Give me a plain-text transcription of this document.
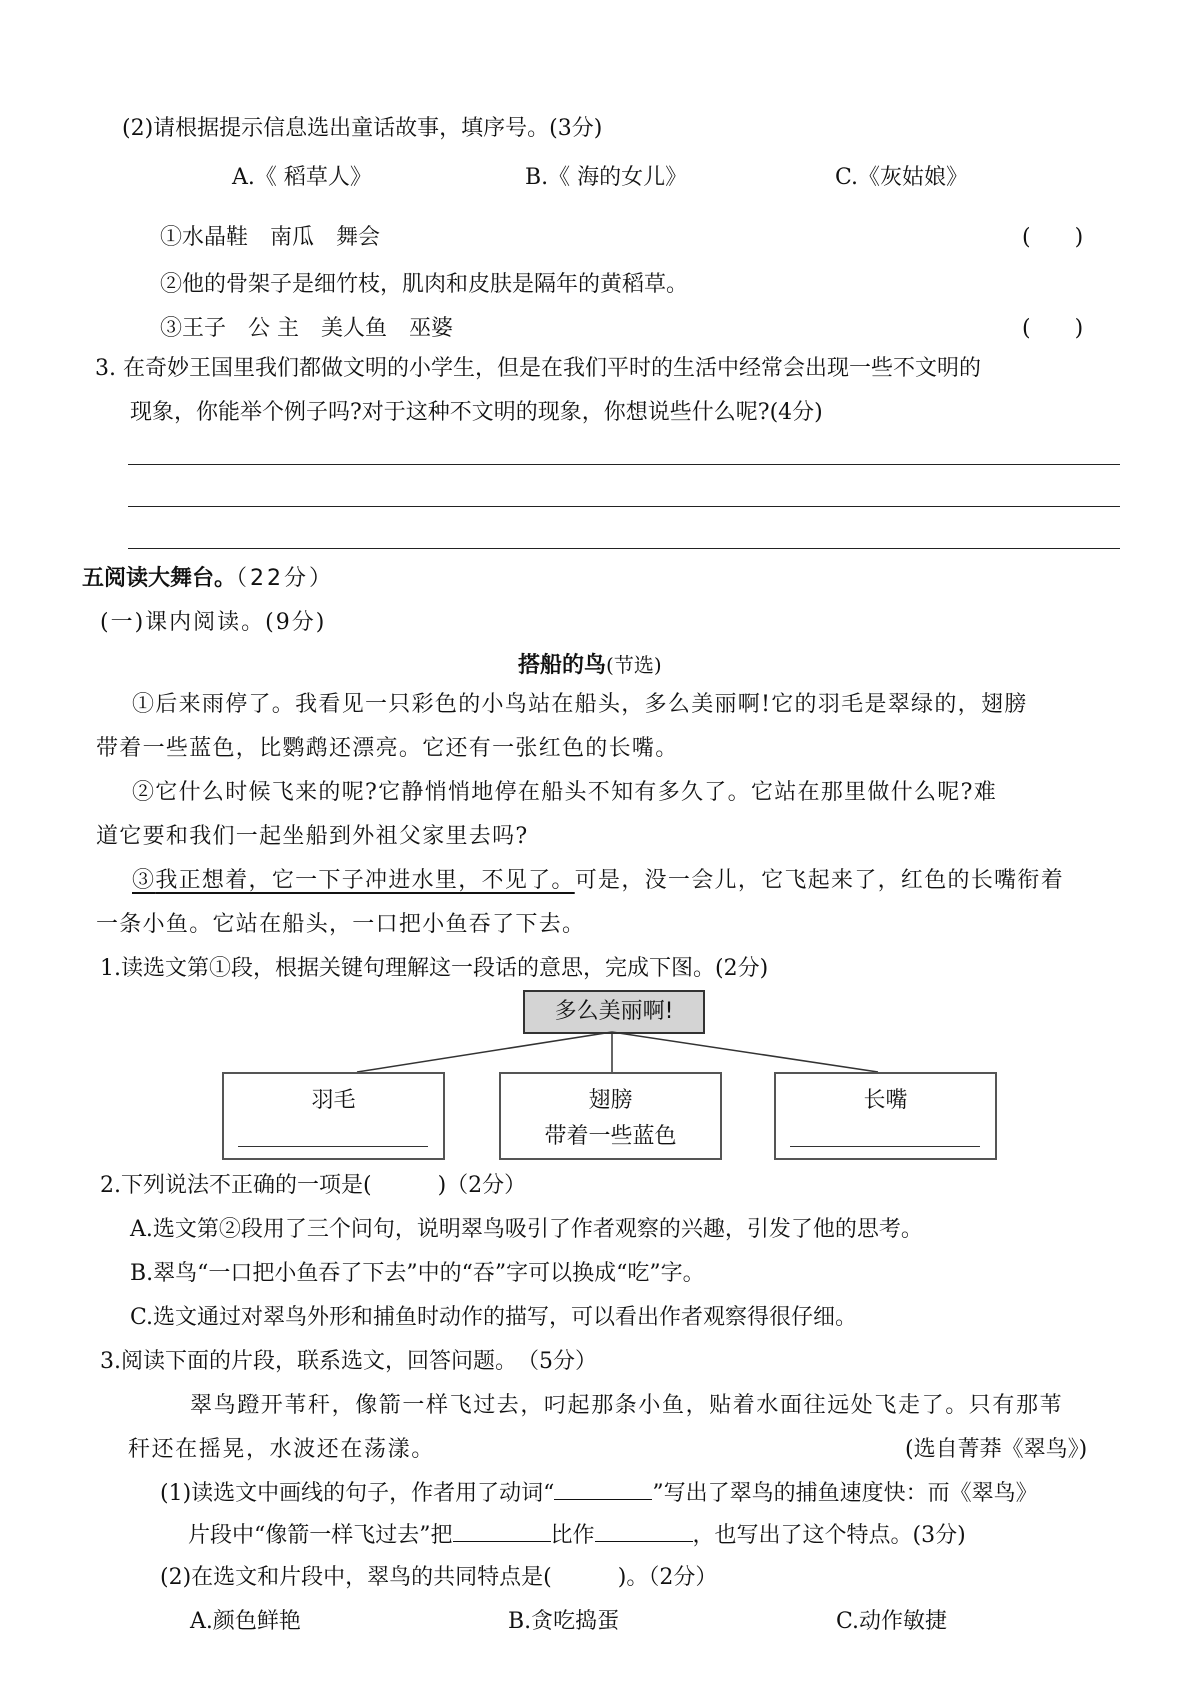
(2)请根据提示信息选出童话故事，填序号。(3分)
A.《 稻草人》	B.《 海的女儿》	C.《灰姑娘》
①水晶鞋　南瓜　舞会	(　　)
②他的骨架子是细竹枝，肌肉和皮肤是隔年的黄稻草。
③王子　公 主　美人鱼　巫婆	(　　)
3. 在奇妙王国里我们都做文明的小学生，但是在我们平时的生活中经常会出现一些不文明的
现象，你能举个例子吗?对于这种不文明的现象，你想说些什么呢?(4分)
五阅读大舞台。（22分）
(一)课内阅读。(9分)
搭船的鸟(节选)
①后来雨停了。我看见一只彩色的小鸟站在船头，多么美丽啊!它的羽毛是翠绿的，翅膀
带着一些蓝色，比鹦鹉还漂亮。它还有一张红色的长嘴。
②它什么时候飞来的呢?它静悄悄地停在船头不知有多久了。它站在那里做什么呢?难
道它要和我们一起坐船到外祖父家里去吗?
③我正想着，它一下子冲进水里，不见了。可是，没一会儿，它飞起来了，红色的长嘴衔着
一条小鱼。它站在船头，一口把小鱼吞了下去。
1.读选文第①段，根据关键句理解这一段话的意思，完成下图。(2分)
多么美丽啊!
羽毛	翅膀
带着一些蓝色
长嘴
2.下列说法不正确的一项是(　　　)（2分）
A.选文第②段用了三个问句，说明翠鸟吸引了作者观察的兴趣，引发了他的思考。
B.翠鸟“一口把小鱼吞了下去”中的“吞”字可以换成“吃”字。
C.选文通过对翠鸟外形和捕鱼时动作的描写，可以看出作者观察得很仔细。
3.阅读下面的片段，联系选文，回答问题。　（5分）
翠鸟蹬开苇秆，像箭一样飞过去，叼起那条小鱼，贴着水面往远处飞走了。只有那苇
秆还在摇晃，水波还在荡漾。	(选自菁莽《翠鸟》)
(1)读选文中画线的句子，作者用了动词“	”写出了翠鸟的捕鱼速度快：而《翠鸟》
片段中“像箭一样飞过去”把	比作	，也写出了这个特点。(3分)
(2)在选文和片段中，翠鸟的共同特点是(　　　)。（2分）
A.颜色鲜艳	B.贪吃捣蛋	C.动作敏捷
